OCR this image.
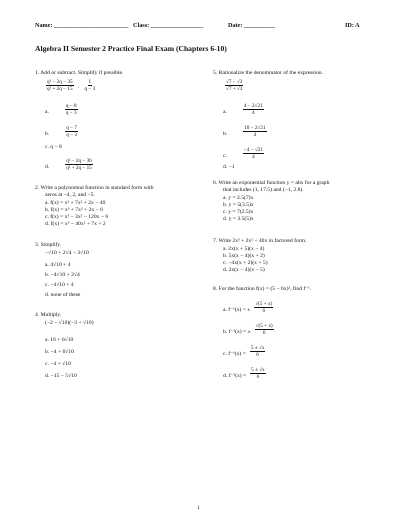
Name: ________________________ Class: _________________	Date: __________	ID: A
Algebra II Semester 2 Practice Final Exam (Chapters 6-10)
1. Add or subtract. Simplify if possible.
$\frac{\text{q² − 2q − 35}}{\text{q² + 2q − 15}} \cdot \frac{1}{q - 3}$
a.	$\frac{q - 8}{q - 3}$
b.	$\frac{q - 7}{q - 3}$
c. q − 8
d.	$\frac{\text{q² − 2q − 36}}{\text{q² + 2q − 15}}$
2. Write a polynomial function in standard form with
zeros at −4, 2, and −5.
a. f(x) = x³ + 7x² + 2x − 40
b. f(x) = x³ + 7x² + 2x − 6
c. f(x) = x³ − 3x² − 120x − 6
d. f(x) = x³ − 40x² + 7x + 2
3. Simplify.
−√10 + 2√4 − 3√10
a. 4√10 + 4
b. −4√10 + 2√4
c. −4√10 + 4
d. none of these
4. Multiply.
(−2 − √10)(−3 + √10)
a. 16 + 6√10
b. −4 + 6√10
c. −4 + √10
d. −15 − 5√10
5. Rationalize the denominator of the expression.
$\frac{√7 - √3}{√7 + √3}$
a.	$\frac{4 - 2√21}{4}$
b.	$\frac{10 - 2√21}{4}$
c.	$\frac{-4 - √21}{4}$
d. −1
6. Write an exponential function y = abx for a graph
that includes (1, 17.5) and (−1, 2.8).
a. y = 2.5(7)x
b. y = 5(3.5)x
c. y = 7(2.5)x
d. y = 3.5(5)x
7. Write 2x³ + 2x² − 40x in factored form.
a. 2x(x + 5)(x − 4)
b. 5x(x − 4)(x + 2)
c. −4x(x + 2)(x + 5)
d. 2x(x − 4)(x − 5)
8. For the function f(x) = (5 − 6x)², find f⁻¹.
a. f⁻¹(x) = ± $\frac{√(5 + x)}{6}$
b. f⁻¹(x) = ± $\frac{√(5 + x)}{6}$
c. $f^{-1}(x) = \frac{5 \pm √x}{6}$
d. $f^{-1}(x) = \frac{5 \pm √x}{6}$
1
